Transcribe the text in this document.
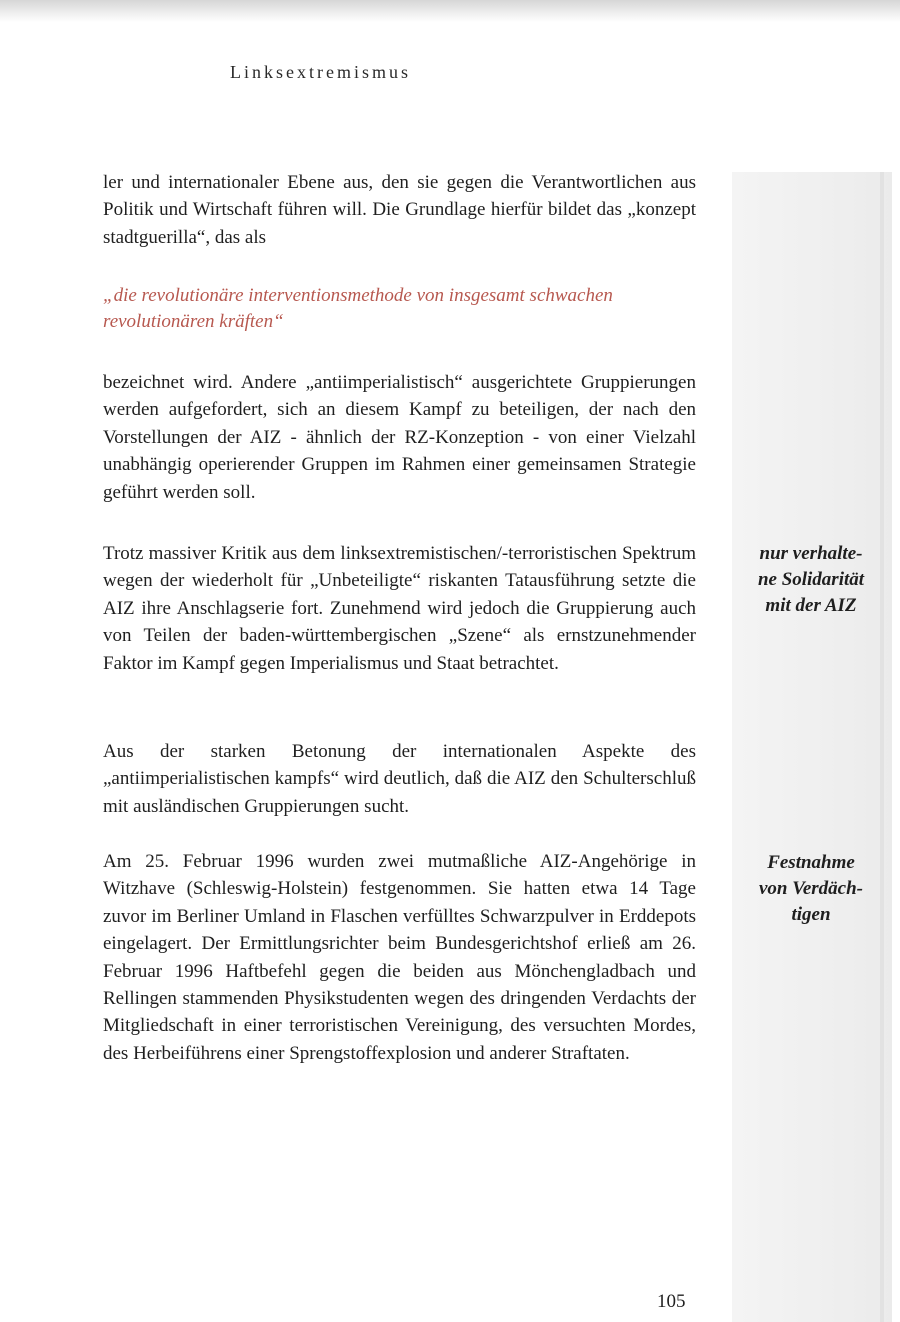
Linksextremismus

ler und internationaler Ebene aus, den sie gegen die Verantwortlichen aus Politik und Wirtschaft führen will. Die Grundlage hierfür bildet das „konzept stadtguerilla“, das als

„die revolutionäre interventionsmethode von insgesamt schwachen revolutionären kräften“

bezeichnet wird. Andere „antiimperialistisch“ ausgerichtete Gruppierungen werden aufgefordert, sich an diesem Kampf zu beteiligen, der nach den Vorstellungen der AIZ - ähnlich der RZ-Konzeption - von einer Vielzahl unabhängig operierender Gruppen im Rahmen einer gemeinsamen Strategie geführt werden soll.

Trotz massiver Kritik aus dem linksextremistischen/-terroristischen Spektrum wegen der wiederholt für „Unbeteiligte“ riskanten Tatausführung setzte die AIZ ihre Anschlagserie fort. Zunehmend wird jedoch die Gruppierung auch von Teilen der baden-württembergischen „Szene“ als ernstzunehmender Faktor im Kampf gegen Imperialismus und Staat betrachtet.

Aus der starken Betonung der internationalen Aspekte des „antiimperialistischen kampfs“ wird deutlich, daß die AIZ den Schulterschluß mit ausländischen Gruppierungen sucht.

Am 25. Februar 1996 wurden zwei mutmaßliche AIZ-Angehörige in Witzhave (Schleswig-Holstein) festgenommen. Sie hatten etwa 14 Tage zuvor im Berliner Umland in Flaschen verfülltes Schwarzpulver in Erddepots eingelagert. Der Ermittlungsrichter beim Bundesgerichtshof erließ am 26. Februar 1996 Haftbefehl gegen die beiden aus Mönchengladbach und Rellingen stammenden Physikstudenten wegen des dringenden Verdachts der Mitgliedschaft in einer terroristischen Vereinigung, des versuchten Mordes, des Herbeiführens einer Sprengstoffexplosion und anderer Straftaten.

nur verhalte-
ne Solidarität
mit der AIZ

Festnahme
von Verdäch-
tigen

105
